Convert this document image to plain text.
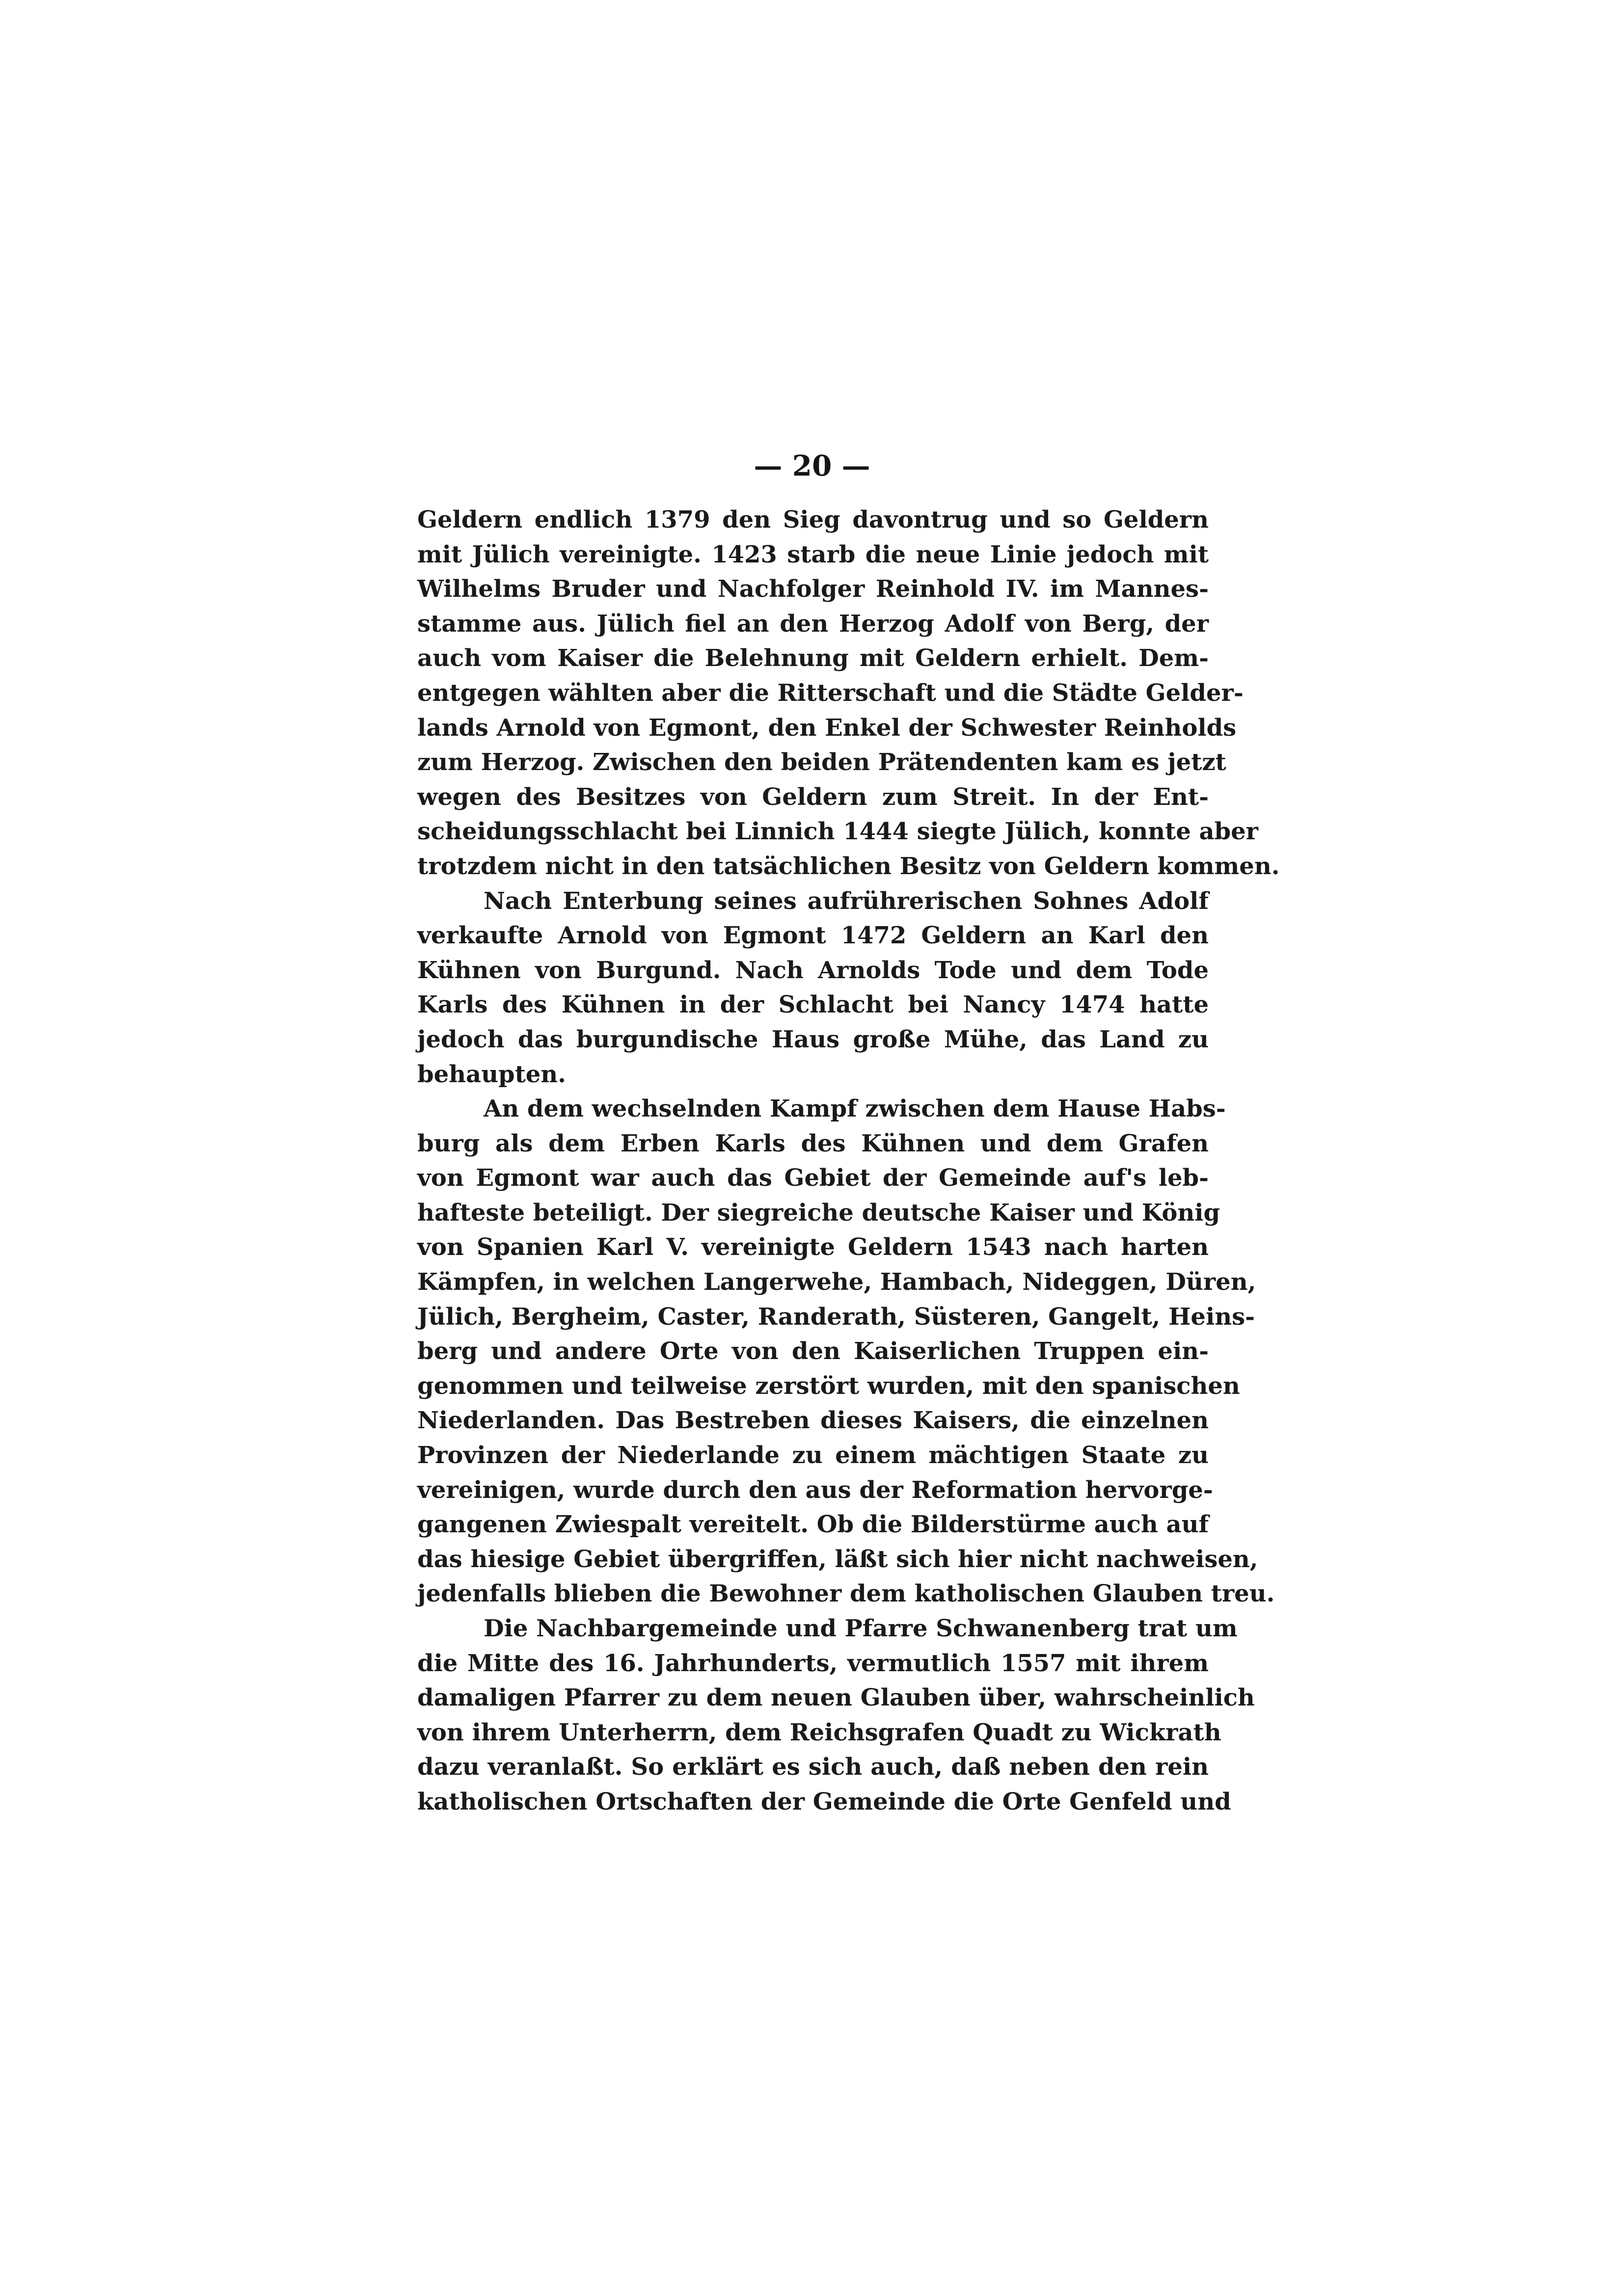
— 20 —
Geldern endlich 1379 den Sieg davontrug und so Geldern
mit Jülich vereinigte. 1423 starb die neue Linie jedoch mit
Wilhelms Bruder und Nachfolger Reinhold IV. im Mannes-
stamme aus. Jülich fiel an den Herzog Adolf von Berg, der
auch vom Kaiser die Belehnung mit Geldern erhielt. Dem-
entgegen wählten aber die Ritterschaft und die Städte Gelder-
lands Arnold von Egmont, den Enkel der Schwester Reinholds
zum Herzog. Zwischen den beiden Prätendenten kam es jetzt
wegen des Besitzes von Geldern zum Streit. In der Ent-
scheidungsschlacht bei Linnich 1444 siegte Jülich, konnte aber
trotzdem nicht in den tatsächlichen Besitz von Geldern kommen.
Nach Enterbung seines aufrührerischen Sohnes Adolf
verkaufte Arnold von Egmont 1472 Geldern an Karl den
Kühnen von Burgund. Nach Arnolds Tode und dem Tode
Karls des Kühnen in der Schlacht bei Nancy 1474 hatte
jedoch das burgundische Haus große Mühe, das Land zu
behaupten.
An dem wechselnden Kampf zwischen dem Hause Habs-
burg als dem Erben Karls des Kühnen und dem Grafen
von Egmont war auch das Gebiet der Gemeinde auf's leb-
hafteste beteiligt. Der siegreiche deutsche Kaiser und König
von Spanien Karl V. vereinigte Geldern 1543 nach harten
Kämpfen, in welchen Langerwehe, Hambach, Nideggen, Düren,
Jülich, Bergheim, Caster, Randerath, Süsteren, Gangelt, Heins-
berg und andere Orte von den Kaiserlichen Truppen ein-
genommen und teilweise zerstört wurden, mit den spanischen
Niederlanden. Das Bestreben dieses Kaisers, die einzelnen
Provinzen der Niederlande zu einem mächtigen Staate zu
vereinigen, wurde durch den aus der Reformation hervorge-
gangenen Zwiespalt vereitelt. Ob die Bilderstürme auch auf
das hiesige Gebiet übergriffen, läßt sich hier nicht nachweisen,
jedenfalls blieben die Bewohner dem katholischen Glauben treu.
Die Nachbargemeinde und Pfarre Schwanenberg trat um
die Mitte des 16. Jahrhunderts, vermutlich 1557 mit ihrem
damaligen Pfarrer zu dem neuen Glauben über, wahrscheinlich
von ihrem Unterherrn, dem Reichsgrafen Quadt zu Wickrath
dazu veranlaßt. So erklärt es sich auch, daß neben den rein
katholischen Ortschaften der Gemeinde die Orte Genfeld und
